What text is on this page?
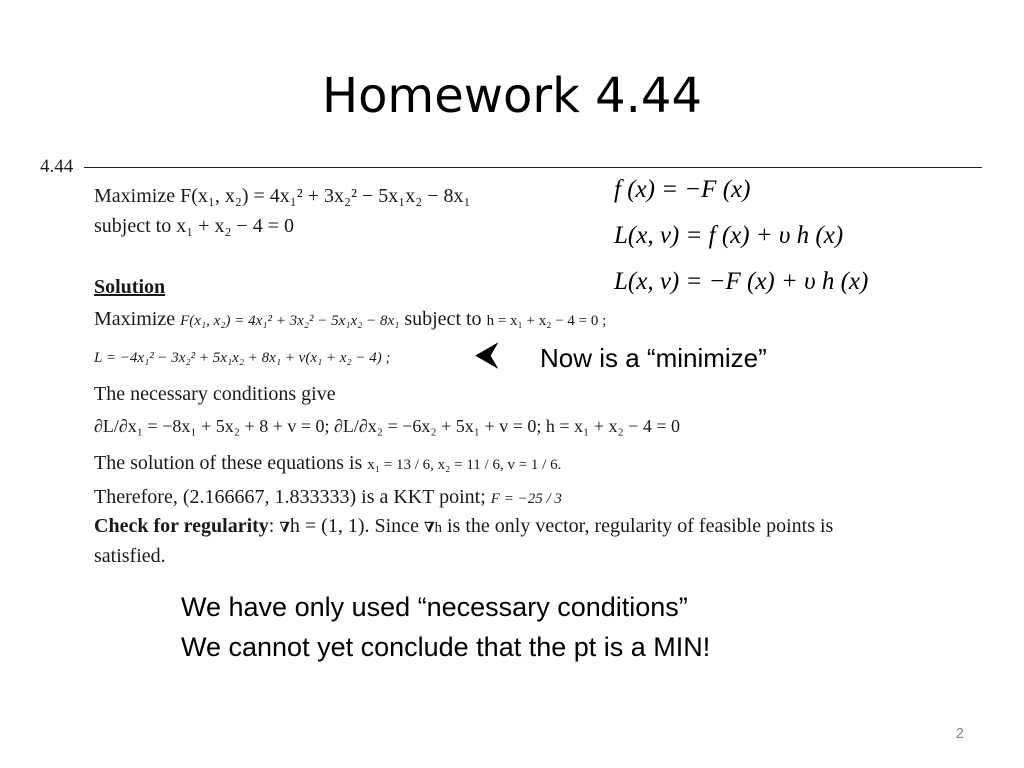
Homework 4.44
4.44
Maximize F(x₁, x₂) = 4x₁² + 3x₂² − 5x₁x₂ − 8x₁
subject to x₁ + x₂ − 4 = 0
f (x) = −F (x)
L(x, ν) = f (x) + υ h (x)
L(x, ν) = −F (x) + υ h (x)
Solution
Maximize F(x₁, x₂) = 4x₁² + 3x₂² − 5x₁x₂ − 8x₁ subject to h = x₁ + x₂ − 4 = 0 ;
L = −4x₁² − 3x₂² + 5x₁x₂ + 8x₁ + ν(x₁ + x₂ − 4) ;	⮜ Now is a “minimize”
The necessary conditions give
∂L/∂x₁ = −8x₁ + 5x₂ + 8 + v = 0; ∂L/∂x₂ = −6x₂ + 5x₁ + v = 0; h = x₁ + x₂ − 4 = 0
The solution of these equations is x₁ = 13 / 6, x₂ = 11 / 6, v = 1 / 6.
Therefore, (2.166667, 1.833333) is a KKT point; F = −25 / 3
Check for regularity: ∇h = (1, 1). Since ∇h is the only vector, regularity of feasible points is
satisfied.
We have only used “necessary conditions”
We cannot yet conclude that the pt is a MIN!
2
